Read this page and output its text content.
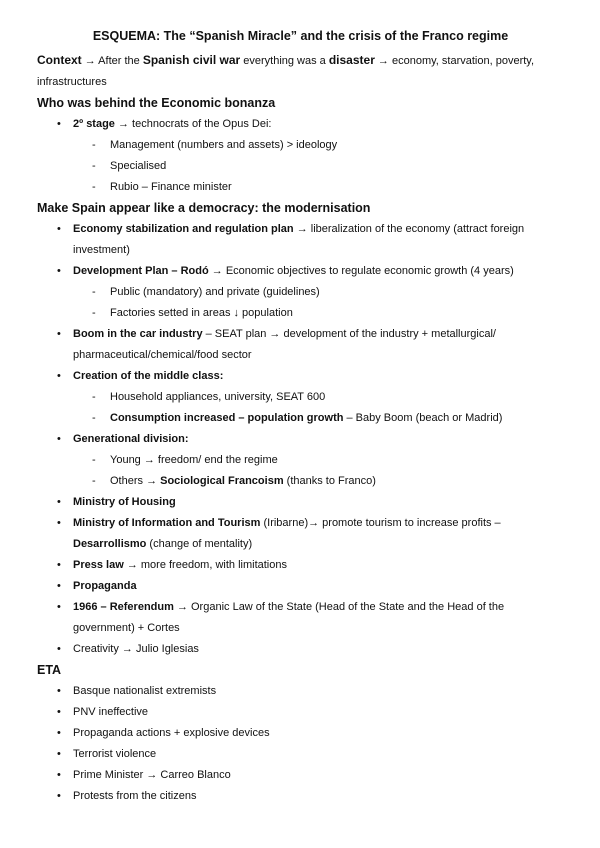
ESQUEMA: The “Spanish Miracle” and the crisis of the Franco regime

Context → After the Spanish civil war everything was a disaster → economy, starvation, poverty, infrastructures

Who was behind the Economic bonanza
• 2º stage → technocrats of the Opus Dei:
- Management (numbers and assets) > ideology
- Specialised
- Rubio – Finance minister
Make Spain appear like a democracy: the modernisation
• Economy stabilization and regulation plan → liberalization of the economy (attract foreign investment)
• Development Plan – Rodó → Economic objectives to regulate economic growth (4 years)
- Public (mandatory) and private (guidelines)
- Factories setted in areas ↓ population
• Boom in the car industry – SEAT plan → development of the industry + metallurgical/ pharmaceutical/chemical/food sector
• Creation of the middle class:
- Household appliances, university, SEAT 600
- Consumption increased – population growth – Baby Boom (beach or Madrid)
• Generational division:
- Young → freedom/ end the regime
- Others → Sociological Francoism (thanks to Franco)
• Ministry of Housing
• Ministry of Information and Tourism (Iribarne)→ promote tourism to increase profits – Desarrollismo (change of mentality)
• Press law → more freedom, with limitations
• Propaganda
• 1966 – Referendum → Organic Law of the State (Head of the State and the Head of the government) + Cortes
• Creativity → Julio Iglesias
ETA
• Basque nationalist extremists
• PNV ineffective
• Propaganda actions + explosive devices
• Terrorist violence
• Prime Minister → Carreo Blanco
• Protests from the citizens
